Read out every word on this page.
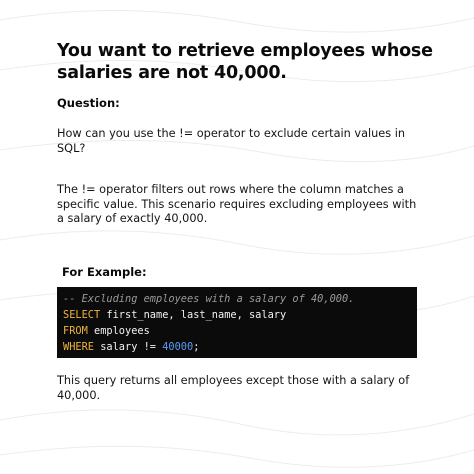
You want to retrieve employees whose salaries are not 40,000.
Question:
How can you use the != operator to exclude certain values in SQL?
The != operator filters out rows where the column matches a specific value. This scenario requires excluding employees with a salary of exactly 40,000.
For Example:
-- Excluding employees with a salary of 40,000.
SELECT first_name, last_name, salary
FROM employees
WHERE salary != 40000;
This query returns all employees except those with a salary of 40,000.
